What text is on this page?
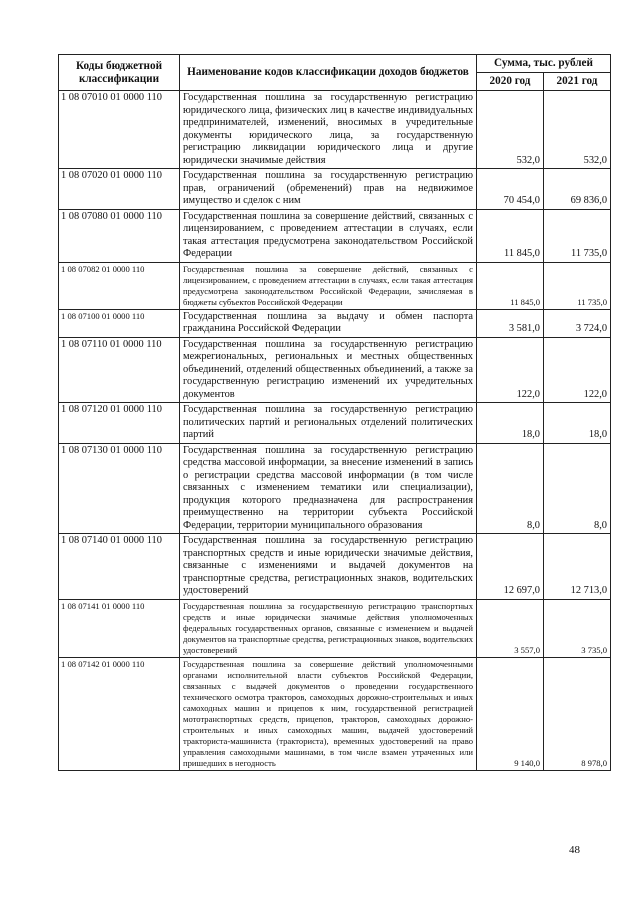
Коды бюджетной классификации	Наименование кодов классификации доходов бюджетов	Сумма, тыс. рублей	
		2020 год	2021 год
1 08 07010 01 0000 110	Государственная пошлина за государственную регистрацию юридического лица, физических лиц в качестве индивидуальных предпринимателей, изменений, вносимых в учредительные документы юридического лица, за государственную регистрацию ликвидации юридического лица и другие юридически значимые действия	532,0	532,0
1 08 07020 01 0000 110	Государственная пошлина за государственную регистрацию прав, ограничений (обременений) прав на недвижимое имущество и сделок с ним	70 454,0	69 836,0
1 08 07080 01 0000 110	Государственная пошлина за совершение действий, связанных с лицензированием, с проведением аттестации в случаях, если такая аттестация предусмотрена законодательством Российской Федерации	11 845,0	11 735,0
1 08 07082 01 0000 110	Государственная пошлина за совершение действий, связанных с лицензированием, с проведением аттестации в случаях, если такая аттестация предусмотрена законодательством Российской Федерации, зачисляемая в бюджеты субъектов Российской Федерации	11 845,0	11 735,0
1 08 07100 01 0000 110	Государственная пошлина за выдачу и обмен паспорта гражданина Российской Федерации	3 581,0	3 724,0
1 08 07110 01 0000 110	Государственная пошлина за государственную регистрацию межрегиональных, региональных и местных общественных объединений, отделений общественных объединений, а также за государственную регистрацию изменений их учредительных документов	122,0	122,0
1 08 07120 01 0000 110	Государственная пошлина за государственную регистрацию политических партий и региональных отделений политических партий	18,0	18,0
1 08 07130 01 0000 110	Государственная пошлина за государственную регистрацию средства массовой информации, за внесение изменений в запись о регистрации средства массовой информации (в том числе связанных с изменением тематики или специализации), продукция которого предназначена для распространения преимущественно на территории субъекта Российской Федерации, территории муниципального образования	8,0	8,0
1 08 07140 01 0000 110	Государственная пошлина за государственную регистрацию транспортных средств и иные юридически значимые действия, связанные с изменениями и выдачей документов на транспортные средства, регистрационных знаков, водительских удостоверений	12 697,0	12 713,0
1 08 07141 01 0000 110	Государственная пошлина за государственную регистрацию транспортных средств и иные юридически значимые действия уполномоченных федеральных государственных органов, связанные с изменением и выдачей документов на транспортные средства, регистрационных знаков, водительских удостоверений	3 557,0	3 735,0
1 08 07142 01 0000 110	Государственная пошлина за совершение действий уполномоченными органами исполнительной власти субъектов Российской Федерации, связанных с выдачей документов о проведении государственного технического осмотра тракторов, самоходных дорожно-строительных и иных самоходных машин и прицепов к ним, государственной регистрацией мототранспортных средств, прицепов, тракторов, самоходных дорожно-строительных и иных самоходных машин, выдачей удостоверений тракториста-машиниста (тракториста), временных удостоверений на право управления самоходными машинами, в том числе взамен утраченных или пришедших в негодность	9 140,0	8 978,0
48
